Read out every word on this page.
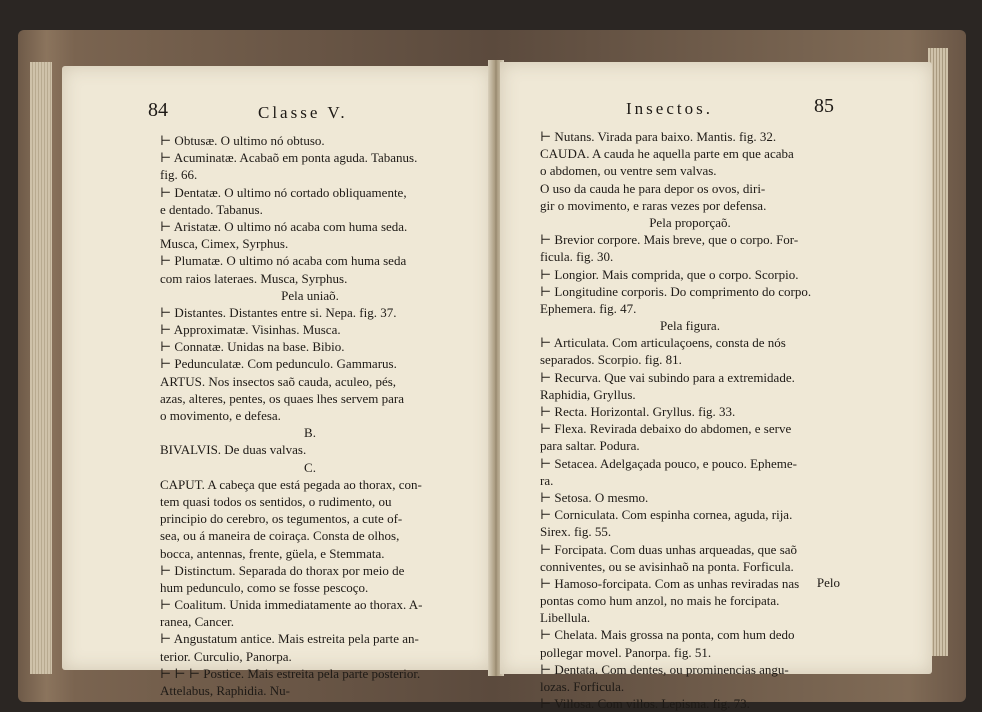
84	Classe V.
⊢ Obtusæ. O ultimo nó obtuso.
⊢ Acuminatæ. Acabaõ em ponta aguda. Tabanus.
fig. 66.
⊢ Dentatæ. O ultimo nó cortado obliquamente,
e dentado. Tabanus.
⊢ Aristatæ. O ultimo nó acaba com huma seda.
Musca, Cimex, Syrphus.
⊢ Plumatæ. O ultimo nó acaba com huma seda
com raios lateraes. Musca, Syrphus.
Pela uniaõ.
⊢ Distantes. Distantes entre si. Nepa. fig. 37.
⊢ Approximatæ. Visinhas. Musca.
⊢ Connatæ. Unidas na base. Bibio.
⊢ Pedunculatæ. Com pedunculo. Gammarus.
ARTUS. Nos insectos saõ cauda, aculeo, pés,
azas, alteres, pentes, os quaes lhes servem para
o movimento, e defesa.
B.
BIVALVIS. De duas valvas.
C.
CAPUT. A cabeça que está pegada ao thorax, con-
tem quasi todos os sentidos, o rudimento, ou
principio do cerebro, os tegumentos, a cute of-
sea, ou á maneira de coiraça. Consta de olhos,
bocca, antennas, frente, güela, e Stemmata.
⊢ Distinctum. Separada do thorax por meio de
hum pedunculo, como se fosse pescoço.
⊢ Coalitum. Unida immediatamente ao thorax. A-
ranea, Cancer.
⊢ Angustatum antice. Mais estreita pela parte an-
terior. Curculio, Panorpa.
⊢ ⊢ ⊢ Postice. Mais estreita pela parte posterior.
Attelabus, Raphidia. Nu-
Insectos.	85
⊢ Nutans. Virada para baixo. Mantis. fig. 32.
CAUDA. A cauda he aquella parte em que acaba
o abdomen, ou ventre sem valvas.
O uso da cauda he para depor os ovos, diri-
gir o movimento, e raras vezes por defensa.
Pela proporçaõ.
⊢ Brevior corpore. Mais breve, que o corpo. For-
ficula. fig. 30.
⊢ Longior. Mais comprida, que o corpo. Scorpio.
⊢ Longitudine corporis. Do comprimento do corpo.
Ephemera. fig. 47.
Pela figura.
⊢ Articulata. Com articulaçoens, consta de nós
separados. Scorpio. fig. 81.
⊢ Recurva. Que vai subindo para a extremidade.
Raphidia, Gryllus.
⊢ Recta. Horizontal. Gryllus. fig. 33.
⊢ Flexa. Revirada debaixo do abdomen, e serve
para saltar. Podura.
⊢ Setacea. Adelgaçada pouco, e pouco. Epheme-
ra.
⊢ Setosa. O mesmo.
⊢ Corniculata. Com espinha cornea, aguda, rija.
Sirex. fig. 55.
⊢ Forcipata. Com duas unhas arqueadas, que saõ
conniventes, ou se avisinhaõ na ponta. Forficula.
⊢ Hamoso-forcipata. Com as unhas reviradas nas
pontas como hum anzol, no mais he forcipata.
Libellula.
⊢ Chelata. Mais grossa na ponta, com hum dedo
pollegar movel. Panorpa. fig. 51.
⊢ Dentata. Com dentes, ou prominencias angu-
lozas. Forficula.
⊢ Villosa. Com villos. Lepisma. fig. 73.
Pelo
